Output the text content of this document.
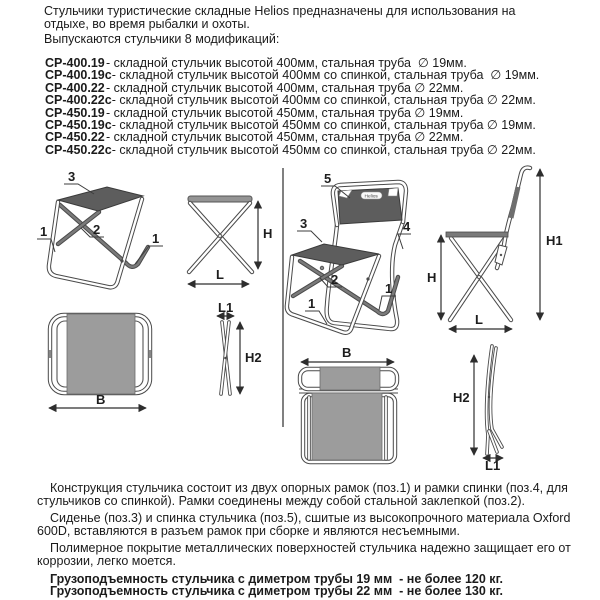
Стульчики туристические складные Helios предназначены для использования на
отдыхе, во время рыбалки и охоты.
Выпускаются стульчики 8 модификаций:
СР-400.19- складной стульчик высотой 400мм, стальная труба  ∅ 19мм.
СР-400.19с- складной стульчик высотой 400мм со спинкой, стальная труба  ∅ 19мм.
СР-400.22- складной стульчик высотой 400мм, стальная труба ∅ 22мм.
СР-400.22с- складной стульчик высотой 400мм со спинкой, стальная труба ∅ 22мм.
СР-450.19- складной стульчик высотой 450мм, стальная труба ∅ 19мм.
СР-450.19с- складной стульчик высотой 450мм со спинкой, стальная труба ∅ 19мм.
СР-450.22- складной стульчик высотой 450мм, стальная труба ∅ 22мм.
СР-450.22с- складной стульчик высотой 450мм со спинкой, стальная труба ∅ 22мм.
3
2
1	1	H
L
B
L1
H2
Helios
5
3	4
2
1
1
H
H1
L
B
H2
L1
Конструкция стульчика состоит из двух опорных рамок (поз.1) и рамки спинки (поз.4, для
стульчиков со спинкой). Рамки соединены между собой стальной заклепкой (поз.2).
Сиденье (поз.3) и спинка стульчика (поз.5), сшитые из высокопрочного материала Oxford
600D, вставляются в разъем рамок при сборке и являются несъемными.
Полимерное покрытие металлических поверхностей стульчика надежно защищает его от
коррозии, легко моется.
Грузоподъемность стульчика с диметром трубы 19 мм  - не более 120 кг.
Грузоподъемность стульчика с диметром трубы 22 мм  - не более 130 кг.
